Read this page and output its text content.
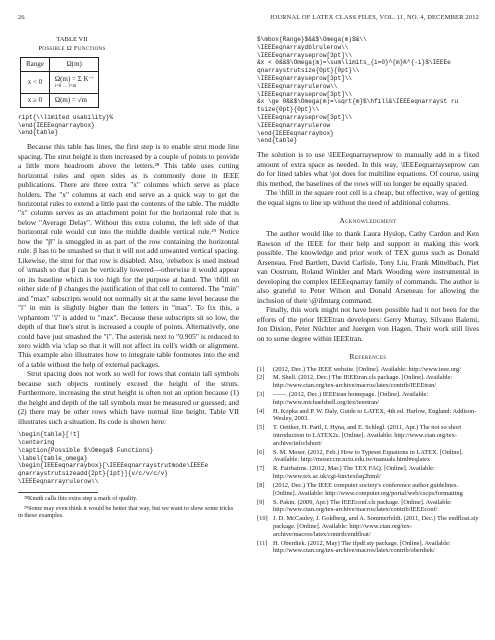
26	JOURNAL OF LATEX CLASS FILES, VOL. 11, NO. 4, DECEMBER 2012
TABLE VII
Possible Ω Functions
Range	Ω(m)
x < 0	Ω(m) = Σ K⁻ⁱ
i=0 … i=m

x ≥ 0	Ω(m) = √m
ript{\\limited usability}%
\end{IEEEeqnarraybox}
\end{table}

Because this table has lines, the first step is to enable strut mode line spacing. The strut height is then increased by a couple of points to provide a little more headroom above the letters.²⁸ This table uses cutting horizontal rules and open sides as is commonly done in IEEE publications. There are three extra "x" columns which serve as place holders. The "x" columns at each end serve as a quick way to get the horizontal rules to extend a little past the contents of the table. The middle "x" column serves as an attachment point for the horizontal rule that is below "Average Delay". Without this extra column, the left side of that horizontal rule would cut into the middle double vertical rule.²⁹ Notice how the "β" is smuggled in as part of the row containing the horizontal rule. β has to be smashed so that it will not add unwanted vertical spacing. Likewise, the strut for that row is disabled. Also, \relsebox is used instead of \smash so that β can be vertically lowered—otherwise it would appear on its baseline which is too high for the purpose at hand. The \hfill on either side of β changes the justification of that cell to centered. The "min" and "max" subscripts would not normally sit at the same level because the "i" in min is slightly higher than the letters in "max". To fix this, a \vphantom "i" is added to "max". Because these subscripts sit so low, the depth of that line's strut is increased a couple of points. Alternatively, one could have just smashed the "i". The asterisk next to "0.905" is reduced to zero width via \clap so that it will not affect its cell's width or alignment. This example also illustrates how to integrate table footnotes into the end of a table without the help of external packages.

Strut spacing does not work so well for rows that contain tall symbols because such objects routinely exceed the height of the struts. Furthermore, increasing the strut height is often not an option because (1) the height and depth of the tall symbols must be measured or guessed; and (2) there may be other rows which have normal line height. Table VII illustrates such a situation. Its code is shown here:

\begin{table}[!t]
\centering
\caption{Possible $\Omega$ Functions}
\label{table_omega}
\begin{IEEEeqnarraybox}[\IEEEeqnarraystrutmode\IEEEe
qnarraystrutsizeadd{2pt}{1pt}]{v/c/v/c/v}
\IEEEeqnarrayrulerow\\
²⁸Knuth calls this extra step a mark of quality.
²⁹Some may even think it would be better that way, but we want to show some tricks in these examples.
$\mbox{Range}$&&$\Omega(m)$&\\
\IEEEeqnarraydblrulerow\\
\IEEEeqnarrayseprow[3pt]\\
&x < 0&&$\Omega(m)=\sum\limits_{i=0}^{m}K^{-i}$\IEEEe
qnarraystrutsize{0pt}{0pt}\\
\IEEEeqnarrayseprow[3pt]\\
\IEEEeqnarrayrulerow\\
\IEEEeqnarrayseprow[3pt]\\
&x \ge 0&&$\Omega(m)=\sqrt{m}$\hfill&\IEEEeqnarrayst ru
tsize{0pt}{0pt}\\
\IEEEeqnarrayseprow[3pt]\\
\IEEEeqnarrayrulerow
\end{IEEEeqnarraybox}
\end{table}

The solution is to use \IEEEeqnarrayseprow to manually add in a fixed amount of extra space as needed. In this way, \IEEEeqnarrayseprow can do for lined tables what \jot does for multiline equations. Of course, using this method, the baselines of the rows will no longer be equally spaced.

The \hfill in the square root cell is a cheap, but effective, way of getting the equal signs to line up without the need of additional columns.

Acknowledgment

The author would like to thank Laura Hyslop, Cathy Cardon and Ken Rawson of the IEEE for their help and support in making this work possible. The knowledge and prior work of TEX gurus such as Donald Arseneau, Fred Bartlett, David Carlisle, Tony Liu, Frank Mittelbach, Piet van Oostrum, Roland Winkler and Mark Wooding were instrumental in developing the complex IEEEeqnarray family of commands. The author is also grateful to Peter Wilson and Donald Arseneau for allowing the inclusion of their \@ifmtarg command.

Finally, this work might not have been possible had it not been for the efforts of the prior IEEEtran developers: Gerry Murray, Silvano Balemi, Jon Dixion, Peter Nüchter and Juergen von Hagen. Their work still lives on to some degree within IEEEtran.

References
[1]	(2012, Dec.) The IEEE website. [Online]. Available: http://www.ieee.org/
[2]	M. Shell. (2012, Dec.) The IEEEtran.cls package. [Online]. Available: http://www.ctan.org/tex-archive/macros/latex/contrib/IEEEtran/
[3]	——. (2012, Dec.) IEEEtran homepage. [Online]. Available: http://www.michaelshell.org/tex/ieeetran/
[4]	H. Kopka and P. W. Daly, Guide to LATEX, 4th ed. Harlow, England: Addison-Wesley, 2003.
[5]	T. Oetiker, H. Partl, I. Hyna, and E. Schlegl. (2011, Apr.) The not so short introduction to LATEX2ε. [Online]. Available: http://www.ctan.org/tex-archive/info/lshort/
[6]	S. M. Moser. (2012, Feb.) How to Typeset Equations in LATEX. [Online]. Available: http://moser.cm.nctu.edu.tw/manuals.html#eqlatex
[7]	R. Fairbairns. (2012, Mar.) The TEX FAQ. [Online]. Available: http://www.tex.ac.uk/cgi-bin/texfaq2html/
[8]	(2012, Dec.) The IEEE computer society's conference author guidelines. [Online]. Available: http://www.computer.org/portal/web/cscps/formatting
[9]	S. Pakin. (2009, Apr.) The IEEEconf.cls package. [Online]. Available: http://www.ctan.org/tex-archive/macros/latex/contrib/IEEEconf/
[10] J. D. McCauley, J. Goldberg, and A. Sommerfeldt. (2011, Dec.) The endfloat.sty package. [Online]. Available: http://www.ctan.org/tex-archive/macros/latex/contrib/endfloat/
[11] H. Oberdiek. (2012, May) The ifpdf.sty package. [Online]. Available: http://www.ctan.org/tex-archive/macros/latex/contrib/oberdiek/
